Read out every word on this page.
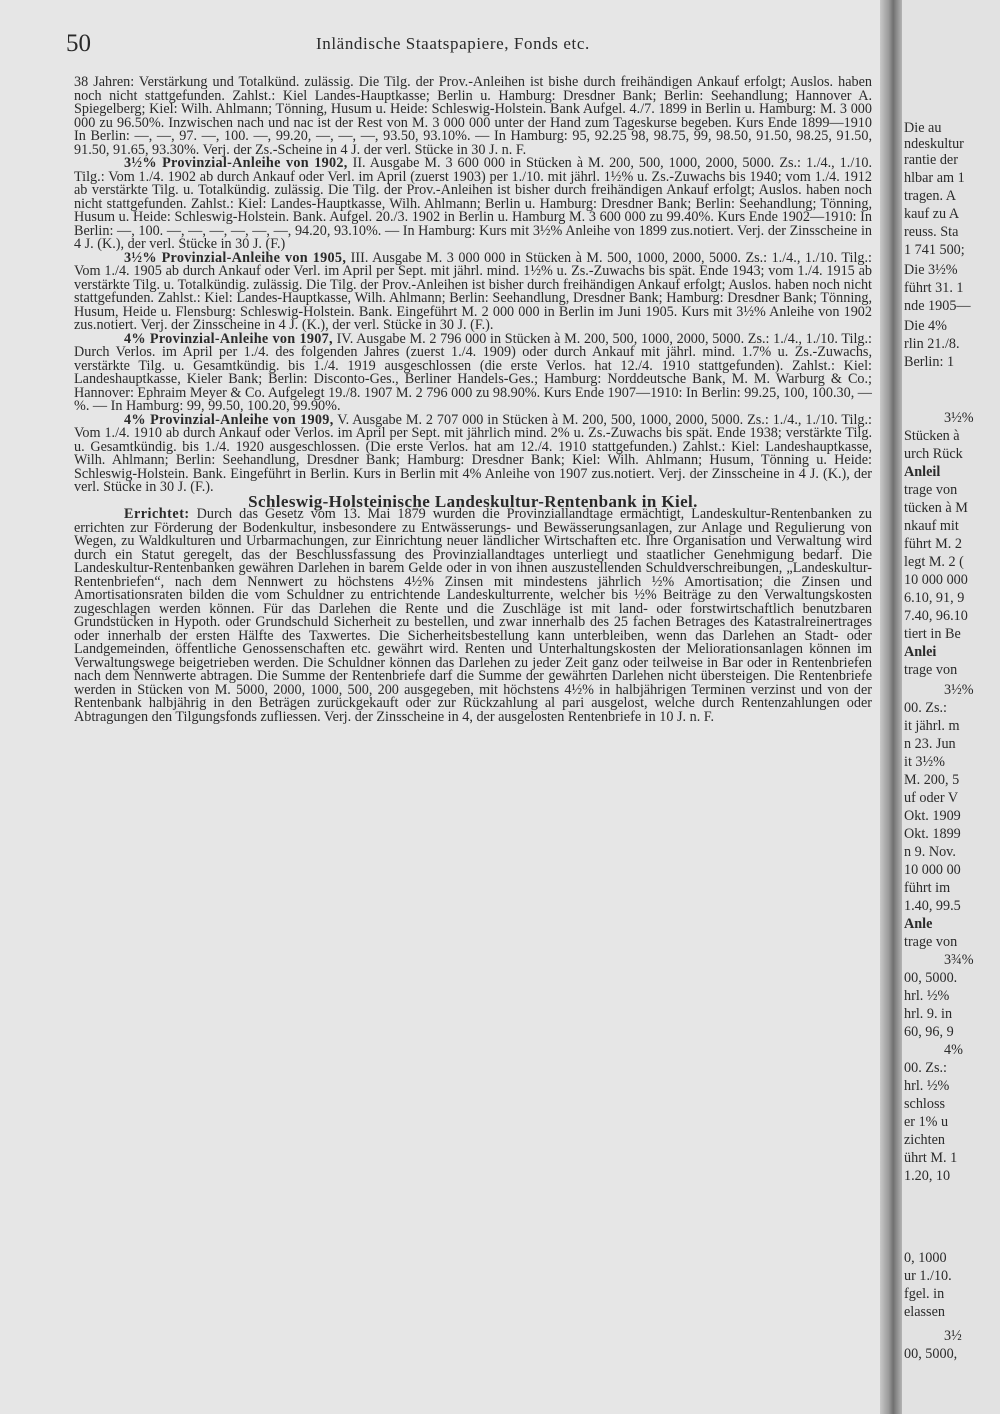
50	Inländische Staatspapiere, Fonds etc.

38 Jahren: Verstärkung und Totalkünd. zulässig. Die Tilg. der Prov.-Anleihen ist bishe durch freihändigen Ankauf erfolgt; Auslos. haben noch nicht stattgefunden. Zahlst.: Kiel Landes-Hauptkasse; Berlin u. Hamburg: Dresdner Bank; Berlin: Seehandlung; Hannover A. Spiegelberg; Kiel: Wilh. Ahlmann; Tönning, Husum u. Heide: Schleswig-Holstein. Bank Aufgel. 4./7. 1899 in Berlin u. Hamburg: M. 3 000 000 zu 96.50%. Inzwischen nach und nac ist der Rest von M. 3 000 000 unter der Hand zum Tageskurse begeben. Kurs Ende 1899—1910 In Berlin: —, —, 97. —, 100. —, 99.20, —, —, —, 93.50, 93.10%. — In Hamburg: 95, 92.25 98, 98.75, 99, 98.50, 91.50, 98.25, 91.50, 91.50, 91.65, 93.30%. Verj. der Zs.-Scheine in 4 J. der verl. Stücke in 30 J. n. F.

3½% Provinzial-Anleihe von 1902, II. Ausgabe M. 3 600 000 in Stücken à M. 200, 500, 1000, 2000, 5000. Zs.: 1./4., 1./10. Tilg.: Vom 1./4. 1902 ab durch Ankauf oder Verl. im April (zuerst 1903) per 1./10. mit jährl. 1½% u. Zs.-Zuwachs bis 1940; vom 1./4. 1912 ab verstärkte Tilg. u. Totalkündig. zulässig. Die Tilg. der Prov.-Anleihen ist bisher durch freihändigen Ankauf erfolgt; Auslos. haben noch nicht stattgefunden. Zahlst.: Kiel: Landes-Hauptkasse, Wilh. Ahlmann; Berlin u. Hamburg: Dresdner Bank; Berlin: Seehandlung; Tönning, Husum u. Heide: Schleswig-Holstein. Bank. Aufgel. 20./3. 1902 in Berlin u. Hamburg M. 3 600 000 zu 99.40%. Kurs Ende 1902—1910: In Berlin: —, 100. —, —, —, —, —, —, 94.20, 93.10%. — In Hamburg: Kurs mit 3½% Anleihe von 1899 zus.notiert. Verj. der Zinsscheine in 4 J. (K.), der verl. Stücke in 30 J. (F.)

3½% Provinzial-Anleihe von 1905, III. Ausgabe M. 3 000 000 in Stücken à M. 500, 1000, 2000, 5000. Zs.: 1./4., 1./10. Tilg.: Vom 1./4. 1905 ab durch Ankauf oder Verl. im April per Sept. mit jährl. mind. 1½% u. Zs.-Zuwachs bis spät. Ende 1943; vom 1./4. 1915 ab verstärkte Tilg. u. Totalkündig. zulässig. Die Tilg. der Prov.-Anleihen ist bisher durch freihändigen Ankauf erfolgt; Auslos. haben noch nicht stattgefunden. Zahlst.: Kiel: Landes-Hauptkasse, Wilh. Ahlmann; Berlin: Seehandlung, Dresdner Bank; Hamburg: Dresdner Bank; Tönning, Husum, Heide u. Flensburg: Schleswig-Holstein. Bank. Eingeführt M. 2 000 000 in Berlin im Juni 1905. Kurs mit 3½% Anleihe von 1902 zus.notiert. Verj. der Zinsscheine in 4 J. (K.), der verl. Stücke in 30 J. (F.).

4% Provinzial-Anleihe von 1907, IV. Ausgabe M. 2 796 000 in Stücken à M. 200, 500, 1000, 2000, 5000. Zs.: 1./4., 1./10. Tilg.: Durch Verlos. im April per 1./4. des folgenden Jahres (zuerst 1./4. 1909) oder durch Ankauf mit jährl. mind. 1.7% u. Zs.-Zuwachs, verstärkte Tilg. u. Gesamtkündig. bis 1./4. 1919 ausgeschlossen (die erste Verlos. hat 12./4. 1910 stattgefunden). Zahlst.: Kiel: Landeshauptkasse, Kieler Bank; Berlin: Disconto-Ges., Berliner Handels-Ges.; Hamburg: Norddeutsche Bank, M. M. Warburg & Co.; Hannover: Ephraim Meyer & Co. Aufgelegt 19./8. 1907 M. 2 796 000 zu 98.90%. Kurs Ende 1907—1910: In Berlin: 99.25, 100, 100.30, —%. — In Hamburg: 99, 99.50, 100.20, 99.90%.

4% Provinzial-Anleihe von 1909, V. Ausgabe M. 2 707 000 in Stücken à M. 200, 500, 1000, 2000, 5000. Zs.: 1./4., 1./10. Tilg.: Vom 1./4. 1910 ab durch Ankauf oder Verlos. im April per Sept. mit jährlich mind. 2% u. Zs.-Zuwachs bis spät. Ende 1938; verstärkte Tilg. u. Gesamtkündig. bis 1./4. 1920 ausgeschlossen. (Die erste Verlos. hat am 12./4. 1910 stattgefunden.) Zahlst.: Kiel: Landeshauptkasse, Wilh. Ahlmann; Berlin: Seehandlung, Dresdner Bank; Hamburg: Dresdner Bank; Kiel: Wilh. Ahlmann; Husum, Tönning u. Heide: Schleswig-Holstein. Bank. Eingeführt in Berlin. Kurs in Berlin mit 4% Anleihe von 1907 zus.notiert. Verj. der Zinsscheine in 4 J. (K.), der verl. Stücke in 30 J. (F.).

Schleswig-Holsteinische Landeskultur-Rentenbank in Kiel.

Errichtet: Durch das Gesetz vom 13. Mai 1879 wurden die Provinziallandtage ermächtigt, Landeskultur-Rentenbanken zu errichten zur Förderung der Bodenkultur, insbesondere zu Entwässerungs- und Bewässerungsanlagen, zur Anlage und Regulierung von Wegen, zu Waldkulturen und Urbarmachungen, zur Einrichtung neuer ländlicher Wirtschaften etc. Ihre Organisation und Verwaltung wird durch ein Statut geregelt, das der Beschlussfassung des Provinziallandtages unterliegt und staatlicher Genehmigung bedarf. Die Landeskultur-Rentenbanken gewähren Darlehen in barem Gelde oder in von ihnen auszustellenden Schuldverschreibungen, „Landeskultur-Rentenbriefen“, nach dem Nennwert zu höchstens 4½% Zinsen mit mindestens jährlich ½% Amortisation; die Zinsen und Amortisationsraten bilden die vom Schuldner zu entrichtende Landeskulturrente, welcher bis ½% Beiträge zu den Verwaltungskosten zugeschlagen werden können. Für das Darlehen die Rente und die Zuschläge ist mit land- oder forstwirtschaftlich benutzbaren Grundstücken in Hypoth. oder Grundschuld Sicherheit zu bestellen, und zwar innerhalb des 25 fachen Betrages des Katastralreinertrages oder innerhalb der ersten Hälfte des Taxwertes. Die Sicherheitsbestellung kann unterbleiben, wenn das Darlehen an Stadt- oder Landgemeinden, öffentliche Genossenschaften etc. gewährt wird. Renten und Unterhaltungskosten der Meliorationsanlagen können im Verwaltungswege beigetrieben werden. Die Schuldner können das Darlehen zu jeder Zeit ganz oder teilweise in Bar oder in Rentenbriefen nach dem Nennwerte abtragen. Die Summe der Rentenbriefe darf die Summe der gewährten Darlehen nicht übersteigen. Die Rentenbriefe werden in Stücken von M. 5000, 2000, 1000, 500, 200 ausgegeben, mit höchstens 4½% in halbjährigen Terminen verzinst und von der Rentenbank halbjährig in den Beträgen zurückgekauft oder zur Rückzahlung al pari ausgelost, welche durch Rentenzahlungen oder Abtragungen den Tilgungsfonds zufliessen. Verj. der Zinsscheine in 4, der ausgelosten Rentenbriefe in 10 J. n. F.

Die au
ndeskultur
rantie der
hlbar am 1
tragen. A
kauf zu A
reuss. Sta
1 741 500;
Die 3½%
führt 31. 1
nde 1905—
Die 4%
rlin 21./8.
Berlin: 1
3½%
Stücken à
urch Rück
Anleil
trage von
tücken à M
nkauf mit
führt M. 2
legt M. 2 (
10 000 000
6.10, 91, 9
7.40, 96.10
tiert in Be
Anlei
trage von
3½%
00. Zs.:
it jährl. m
n 23. Jun
it 3½%
M. 200, 5
uf oder V
Okt. 1909
Okt. 1899
n 9. Nov.
10 000 00
führt im
1.40, 99.5
Anle
trage von
3¾%
00, 5000.
hrl. ½%
hrl. 9. in
60, 96, 9
4%
00. Zs.:
hrl. ½%
schloss
er 1% u
zichten
ührt M. 1
1.20, 10
0, 1000
ur 1./10.
fgel. in
elassen
3½
00, 5000,
